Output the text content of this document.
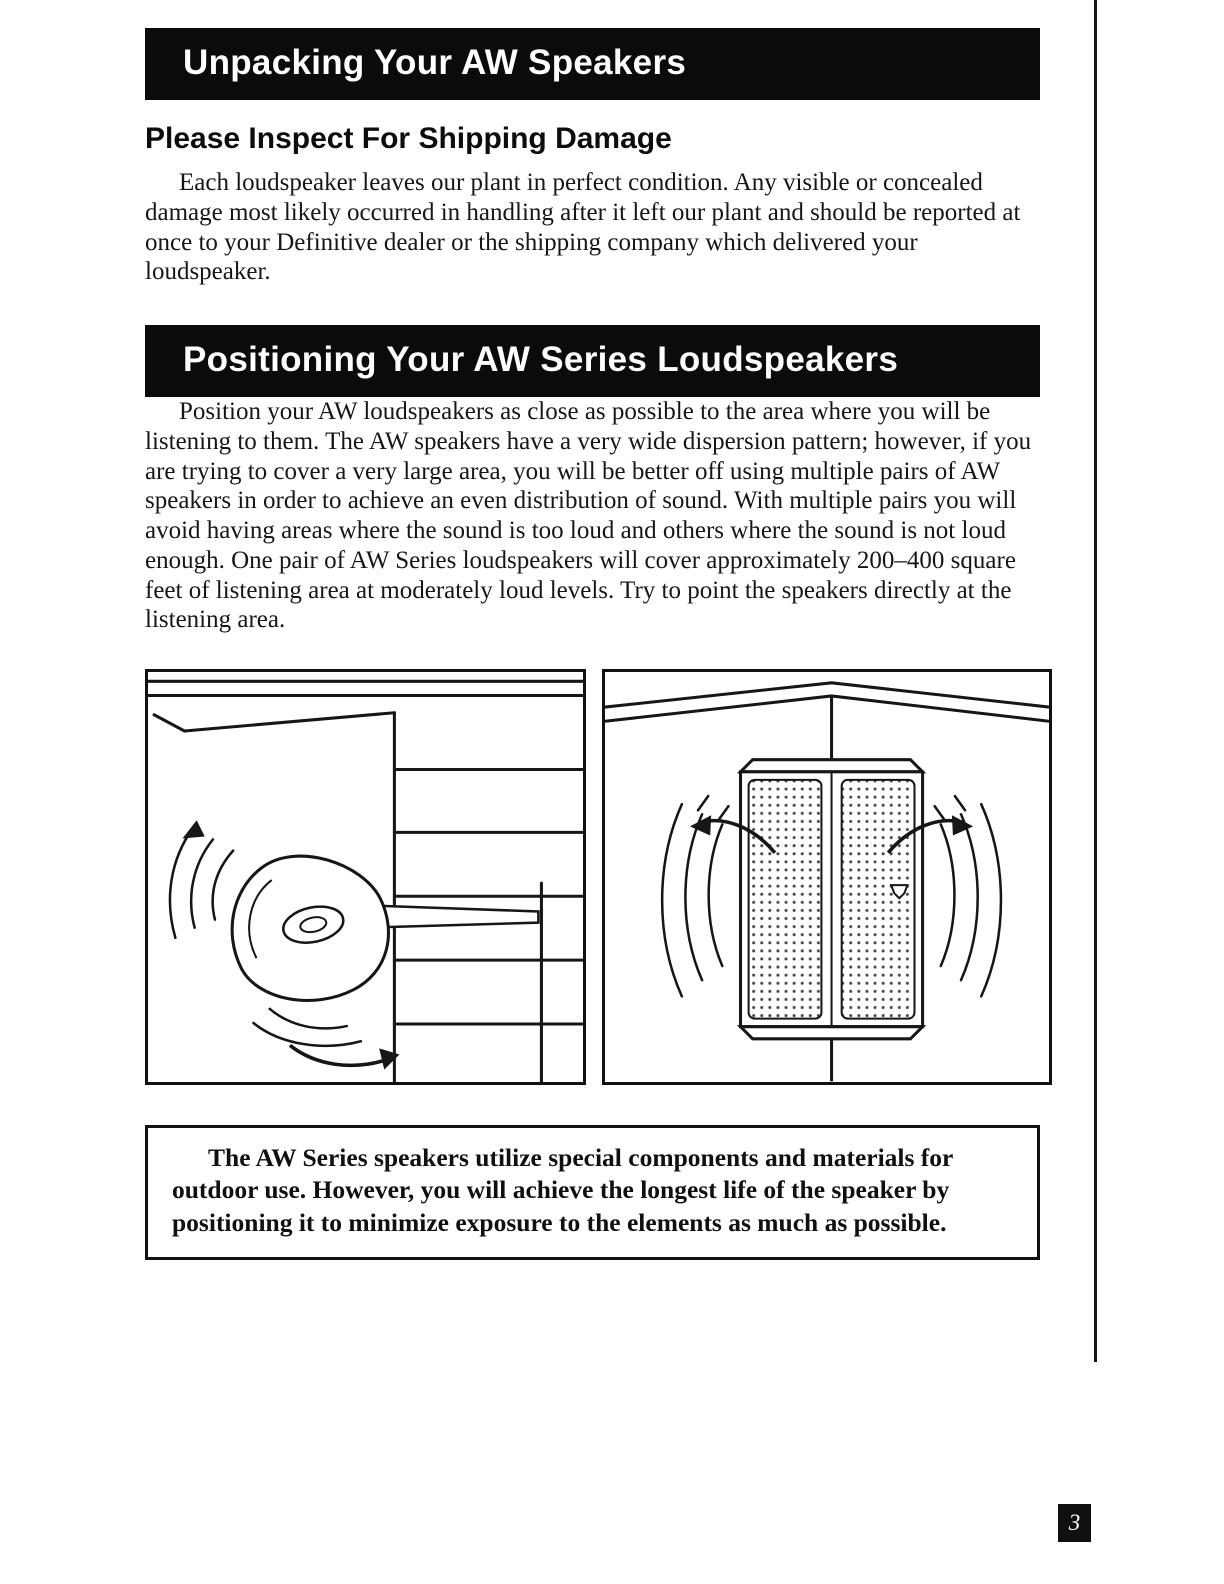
Unpacking Your AW Speakers
Please Inspect For Shipping Damage

Each loudspeaker leaves our plant in perfect condition. Any visible or concealed damage most likely occurred in handling after it left our plant and should be reported at once to your Definitive dealer or the shipping company which delivered your loudspeaker.

Positioning Your AW Series Loudspeakers

Position your AW loudspeakers as close as possible to the area where you will be listening to them. The AW speakers have a very wide dispersion pattern; however, if you are trying to cover a very large area, you will be better off using multiple pairs of AW speakers in order to achieve an even distribution of sound. With multiple pairs you will avoid having areas where the sound is too loud and others where the sound is not loud enough. One pair of AW Series loudspeakers will cover approximately 200–400 square feet of listening area at moderately loud levels. Try to point the speakers directly at the listening area.

The AW Series speakers utilize special components and materials for outdoor use. However, you will achieve the longest life of the speaker by positioning it to minimize exposure to the elements as much as possible.

3
